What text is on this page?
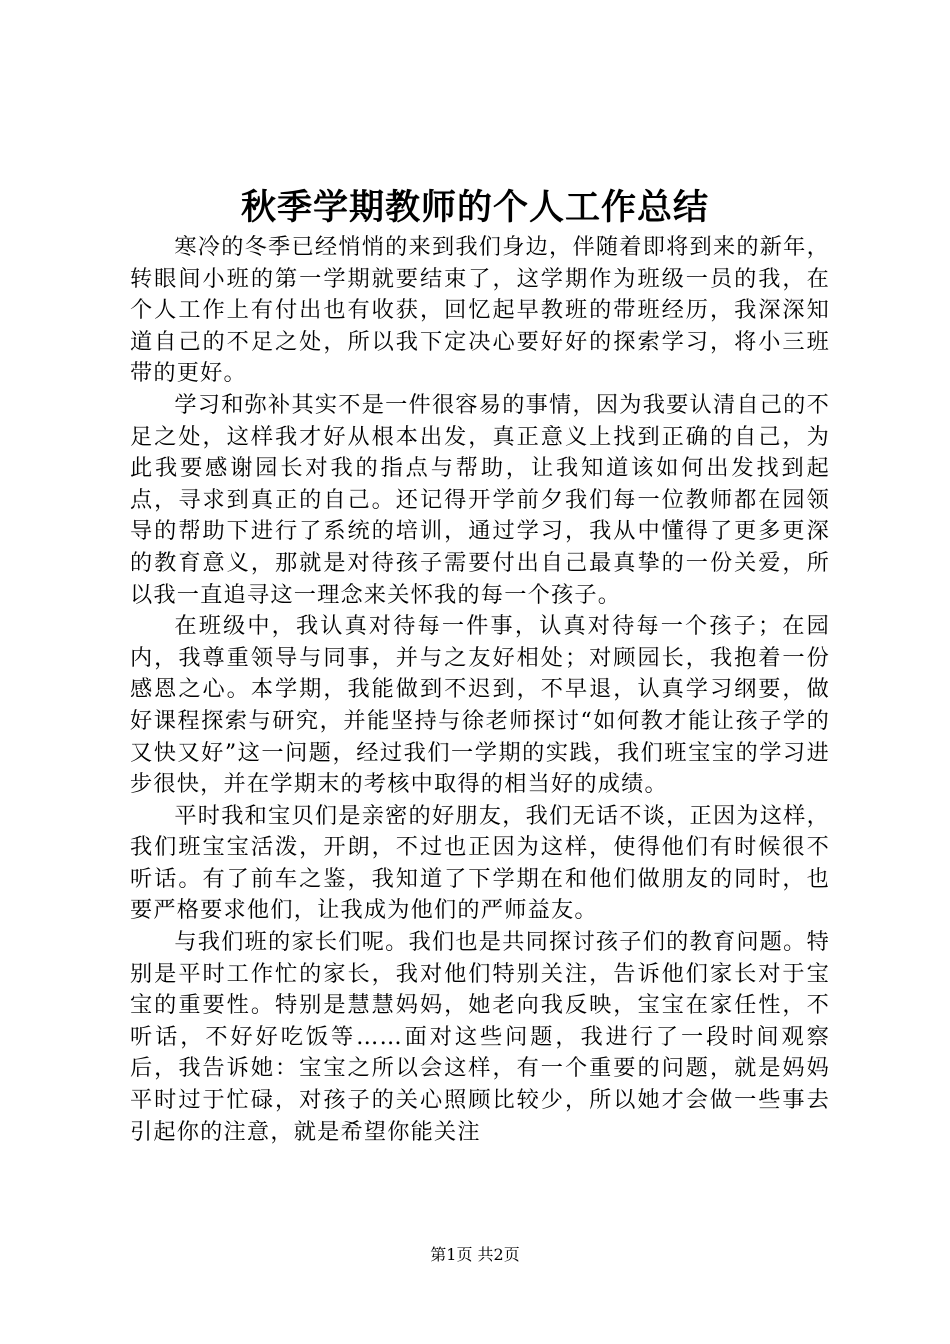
秋季学期教师的个人工作总结

寒冷的冬季已经悄悄的来到我们身边，伴随着即将到来的新年，转眼间小班的第一学期就要结束了，这学期作为班级一员的我，在个人工作上有付出也有收获，回忆起早教班的带班经历，我深深知道自己的不足之处，所以我下定决心要好好的探索学习，将小三班带的更好。

学习和弥补其实不是一件很容易的事情，因为我要认清自己的不足之处，这样我才好从根本出发，真正意义上找到正确的自己，为此我要感谢园长对我的指点与帮助，让我知道该如何出发找到起点，寻求到真正的自己。还记得开学前夕我们每一位教师都在园领导的帮助下进行了系统的培训，通过学习，我从中懂得了更多更深的教育意义，那就是对待孩子需要付出自己最真挚的一份关爱，所以我一直追寻这一理念来关怀我的每一个孩子。

在班级中，我认真对待每一件事，认真对待每一个孩子；在园内，我尊重领导与同事，并与之友好相处；对顾园长，我抱着一份感恩之心。本学期，我能做到不迟到，不早退，认真学习纲要，做好课程探索与研究，并能坚持与徐老师探讨“如何教才能让孩子学的又快又好”这一问题，经过我们一学期的实践，我们班宝宝的学习进步很快，并在学期末的考核中取得的相当好的成绩。

平时我和宝贝们是亲密的好朋友，我们无话不谈，正因为这样，我们班宝宝活泼，开朗，不过也正因为这样，使得他们有时候很不听话。有了前车之鉴，我知道了下学期在和他们做朋友的同时，也要严格要求他们，让我成为他们的严师益友。

与我们班的家长们呢。我们也是共同探讨孩子们的教育问题。特别是平时工作忙的家长，我对他们特别关注，告诉他们家长对于宝宝的重要性。特别是慧慧妈妈，她老向我反映，宝宝在家任性，不听话，不好好吃饭等……面对这些问题，我进行了一段时间观察后，我告诉她：宝宝之所以会这样，有一个重要的问题，就是妈妈平时过于忙碌，对孩子的关心照顾比较少，所以她才会做一些事去引起你的注意，就是希望你能关注

第1页 共2页
